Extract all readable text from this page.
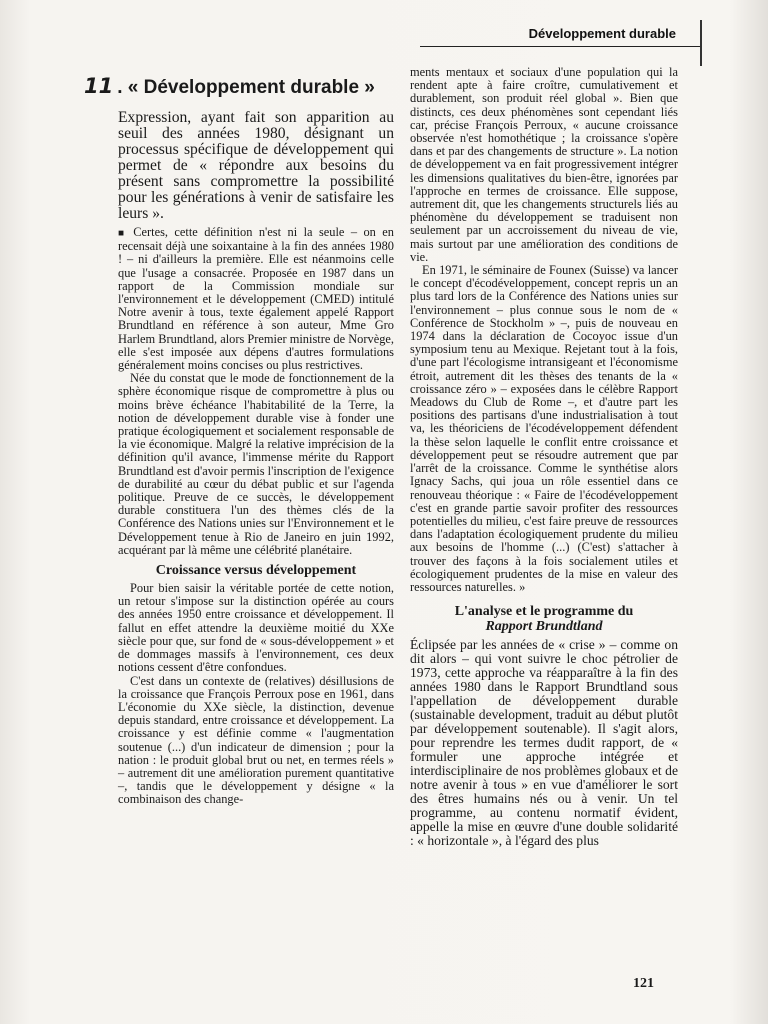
Développement durable
11 . « Développement durable »

Expression, ayant fait son apparition au seuil des années 1980, désignant un processus spécifique de développement qui permet de « répondre aux besoins du présent sans compromettre la possibilité pour les générations à venir de satisfaire les leurs ».

■ Certes, cette définition n'est ni la seule – on en recensait déjà une soixantaine à la fin des années 1980 ! – ni d'ailleurs la première. Elle est néanmoins celle que l'usage a consacrée. Proposée en 1987 dans un rapport de la Commission mondiale sur l'environnement et le développement (CMED) intitulé Notre avenir à tous, texte également appelé Rapport Brundtland en référence à son auteur, Mme Gro Harlem Brundtland, alors Premier ministre de Norvège, elle s'est imposée aux dépens d'autres formulations généralement moins concises ou plus restrictives.

Née du constat que le mode de fonctionnement de la sphère économique risque de compromettre à plus ou moins brève échéance l'habitabilité de la Terre, la notion de développement durable vise à fonder une pratique écologiquement et socialement responsable de la vie économique. Malgré la relative imprécision de la définition qu'il avance, l'immense mérite du Rapport Brundtland est d'avoir permis l'inscription de l'exigence de durabilité au cœur du débat public et sur l'agenda politique. Preuve de ce succès, le développement durable constituera l'un des thèmes clés de la Conférence des Nations unies sur l'Environnement et le Développement tenue à Rio de Janeiro en juin 1992, acquérant par là même une célébrité planétaire.

Croissance versus développement

Pour bien saisir la véritable portée de cette notion, un retour s'impose sur la distinction opérée au cours des années 1950 entre croissance et développement. Il fallut en effet attendre la deuxième moitié du XXe siècle pour que, sur fond de « sous-développement » et de dommages massifs à l'environnement, ces deux notions cessent d'être confondues.

C'est dans un contexte de (relatives) désillusions de la croissance que François Perroux pose en 1961, dans L'économie du XXe siècle, la distinction, devenue depuis standard, entre croissance et développement. La croissance y est définie comme « l'augmentation soutenue (...) d'un indicateur de dimension ; pour la nation : le produit global brut ou net, en termes réels » – autrement dit une amélioration purement quantitative –, tandis que le développement y désigne « la combinaison des change-

ments mentaux et sociaux d'une population qui la rendent apte à faire croître, cumulativement et durablement, son produit réel global ». Bien que distincts, ces deux phénomènes sont cependant liés car, précise François Perroux, « aucune croissance observée n'est homothétique ; la croissance s'opère dans et par des changements de structure ». La notion de développement va en fait progressivement intégrer les dimensions qualitatives du bien-être, ignorées par l'approche en termes de croissance. Elle suppose, autrement dit, que les changements structurels liés au phénomène du développement se traduisent non seulement par un accroissement du niveau de vie, mais surtout par une amélioration des conditions de vie.

En 1971, le séminaire de Founex (Suisse) va lancer le concept d'écodéveloppement, concept repris un an plus tard lors de la Conférence des Nations unies sur l'environnement – plus connue sous le nom de « Conférence de Stockholm » –, puis de nouveau en 1974 dans la déclaration de Cocoyoc issue d'un symposium tenu au Mexique. Rejetant tout à la fois, d'une part l'écologisme intransigeant et l'économisme étroit, autrement dit les thèses des tenants de la « croissance zéro » – exposées dans le célèbre Rapport Meadows du Club de Rome –, et d'autre part les positions des partisans d'une industrialisation à tout va, les théoriciens de l'écodéveloppement défendent la thèse selon laquelle le conflit entre croissance et développement peut se résoudre autrement que par l'arrêt de la croissance. Comme le synthétise alors Ignacy Sachs, qui joua un rôle essentiel dans ce renouveau théorique : « Faire de l'écodéveloppement c'est en grande partie savoir profiter des ressources potentielles du milieu, c'est faire preuve de ressources dans l'adaptation écologiquement prudente du milieu aux besoins de l'homme (...) (C'est) s'attacher à trouver des façons à la fois socialement utiles et écologiquement prudentes de la mise en valeur des ressources naturelles. »

L'analyse et le programme du
Rapport Brundtland

Éclipsée par les années de « crise » – comme on dit alors – qui vont suivre le choc pétrolier de 1973, cette approche va réapparaître à la fin des années 1980 dans le Rapport Brundtland sous l'appellation de développement durable (sustainable development, traduit au début plutôt par développement soutenable). Il s'agit alors, pour reprendre les termes dudit rapport, de « formuler une approche intégrée et interdisciplinaire de nos problèmes globaux et de notre avenir à tous » en vue d'améliorer le sort des êtres humains nés ou à venir. Un tel programme, au contenu normatif évident, appelle la mise en œuvre d'une double solidarité : « horizontale », à l'égard des plus

121
